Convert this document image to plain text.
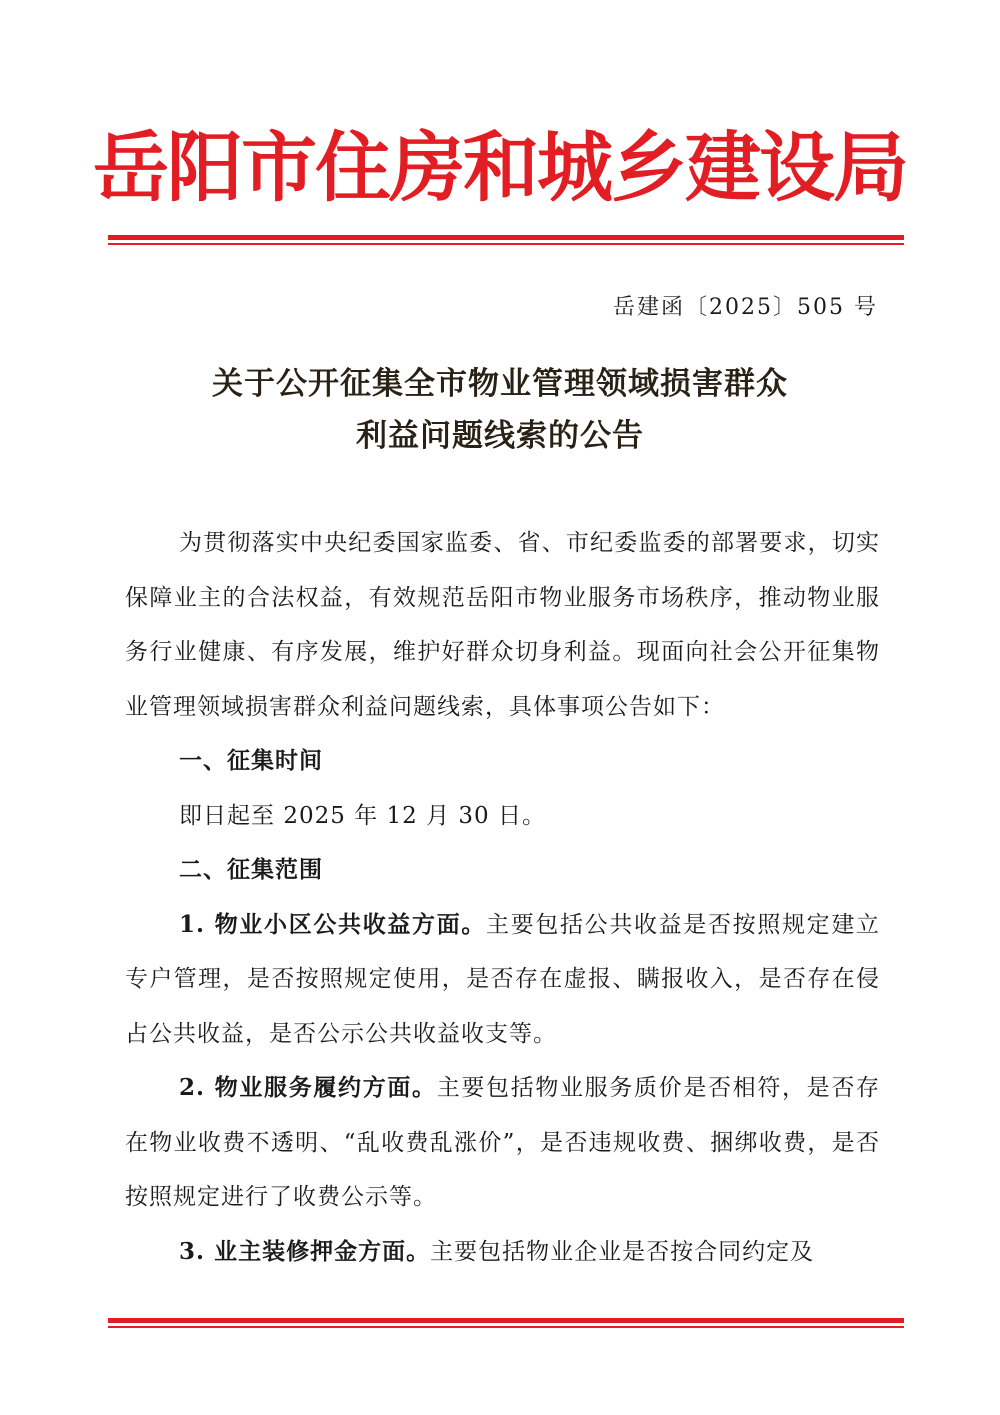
岳阳市住房和城乡建设局
岳建函〔2025〕505 号
关于公开征集全市物业管理领域损害群众
利益问题线索的公告

为贯彻落实中央纪委国家监委、省、市纪委监委的部署要求，切实保障业主的合法权益，有效规范岳阳市物业服务市场秩序，推动物业服务行业健康、有序发展，维护好群众切身利益。现面向社会公开征集物业管理领域损害群众利益问题线索，具体事项公告如下：

一、征集时间

即日起至 2025 年 12 月 30 日。

二、征集范围

1. 物业小区公共收益方面。主要包括公共收益是否按照规定建立专户管理，是否按照规定使用，是否存在虚报、瞒报收入，是否存在侵占公共收益，是否公示公共收益收支等。

2. 物业服务履约方面。主要包括物业服务质价是否相符，是否存在物业收费不透明、“乱收费乱涨价”，是否违规收费、捆绑收费，是否按照规定进行了收费公示等。

3. 业主装修押金方面。主要包括物业企业是否按合同约定及
